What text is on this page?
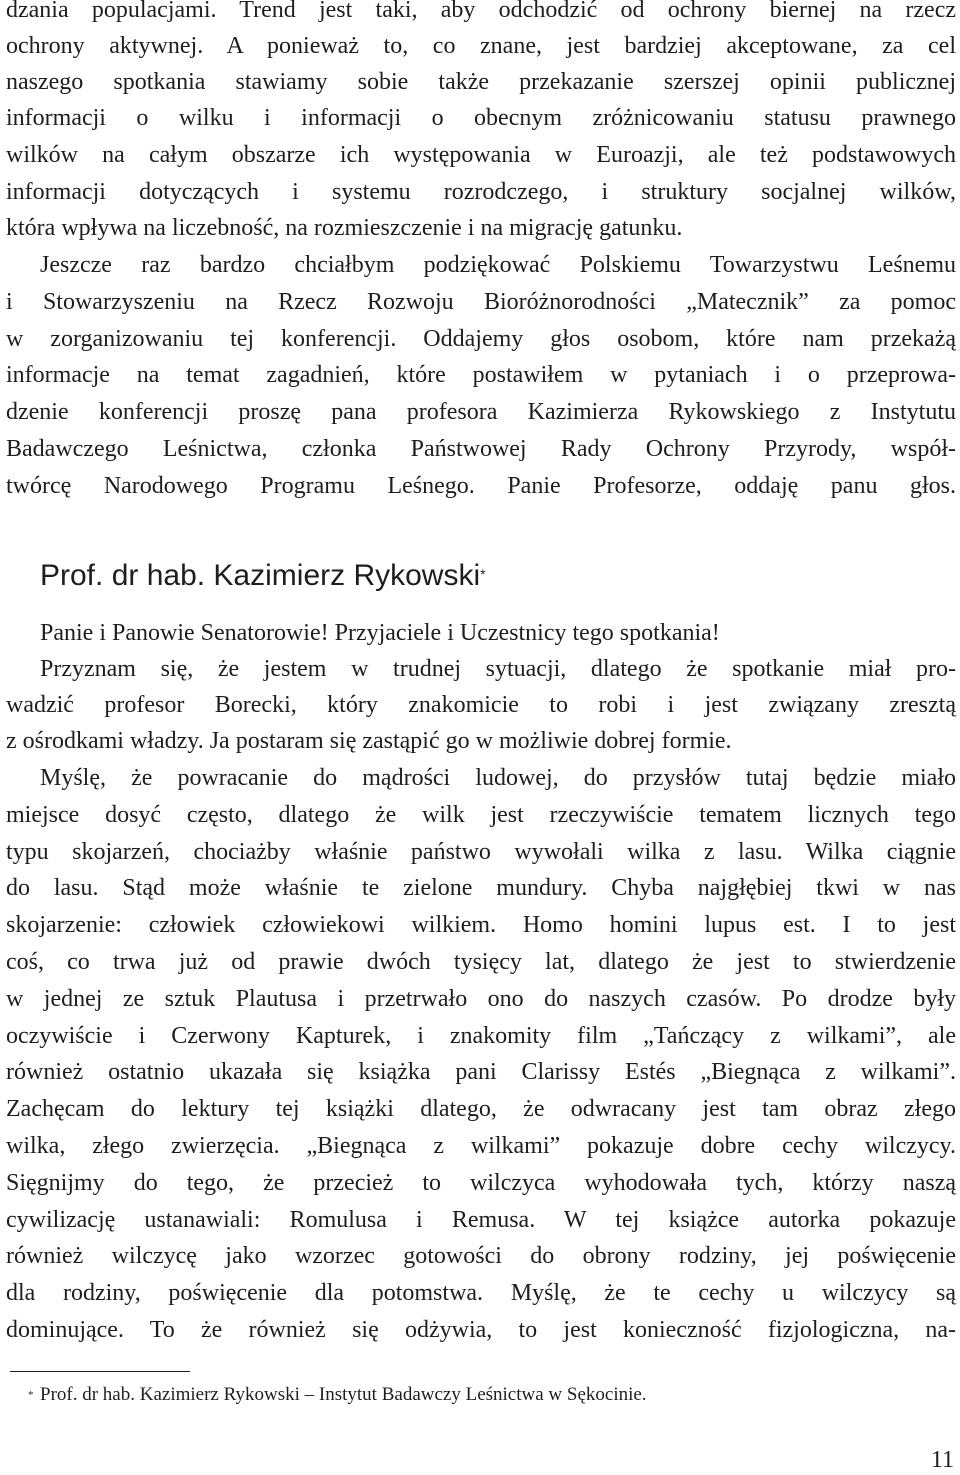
dzania populacjami. Trend jest taki, aby odchodzić od ochrony biernej na rzecz
ochrony aktywnej. A ponieważ to, co znane, jest bardziej akceptowane, za cel
naszego spotkania stawiamy sobie także przekazanie szerszej opinii publicznej
informacji o wilku i informacji o obecnym zróżnicowaniu statusu prawnego
wilków na całym obszarze ich występowania w Euroazji, ale też podstawowych
informacji dotyczących i systemu rozrodczego, i struktury socjalnej wilków,
która wpływa na liczebność, na rozmieszczenie i na migrację gatunku.
Jeszcze raz bardzo chciałbym podziękować Polskiemu Towarzystwu Leśnemu
i Stowarzyszeniu na Rzecz Rozwoju Bioróżnorodności „Matecznik” za pomoc
w zorganizowaniu tej konferencji. Oddajemy głos osobom, które nam przekażą
informacje na temat zagadnień, które postawiłem w pytaniach i o przeprowa-
dzenie konferencji proszę pana profesora Kazimierza Rykowskiego z Instytutu
Badawczego Leśnictwa, członka Państwowej Rady Ochrony Przyrody, współ-
twórcę Narodowego Programu Leśnego. Panie Profesorze, oddaję panu głos.
Prof. dr hab. Kazimierz Rykowski*
Panie i Panowie Senatorowie! Przyjaciele i Uczestnicy tego spotkania!
Przyznam się, że jestem w trudnej sytuacji, dlatego że spotkanie miał pro-
wadzić profesor Borecki, który znakomicie to robi i jest związany zresztą
z ośrodkami władzy. Ja postaram się zastąpić go w możliwie dobrej formie.
Myślę, że powracanie do mądrości ludowej, do przysłów tutaj będzie miało
miejsce dosyć często, dlatego że wilk jest rzeczywiście tematem licznych tego
typu skojarzeń, chociażby właśnie państwo wywołali wilka z lasu. Wilka ciągnie
do lasu. Stąd może właśnie te zielone mundury. Chyba najgłębiej tkwi w nas
skojarzenie: człowiek człowiekowi wilkiem. Homo homini lupus est. I to jest
coś, co trwa już od prawie dwóch tysięcy lat, dlatego że jest to stwierdzenie
w jednej ze sztuk Plautusa i przetrwało ono do naszych czasów. Po drodze były
oczywiście i Czerwony Kapturek, i znakomity film „Tańczący z wilkami”, ale
również ostatnio ukazała się książka pani Clarissy Estés „Biegnąca z wilkami”.
Zachęcam do lektury tej książki dlatego, że odwracany jest tam obraz złego
wilka, złego zwierzęcia. „Biegnąca z wilkami” pokazuje dobre cechy wilczycy.
Sięgnijmy do tego, że przecież to wilczyca wyhodowała tych, którzy naszą
cywilizację ustanawiali: Romulusa i Remusa. W tej książce autorka pokazuje
również wilczycę jako wzorzec gotowości do obrony rodziny, jej poświęcenie
dla rodziny, poświęcenie dla potomstwa. Myślę, że te cechy u wilczycy są
dominujące. To że również się odżywia, to jest konieczność fizjologiczna, na-
* Prof. dr hab. Kazimierz Rykowski – Instytut Badawczy Leśnictwa w Sękocinie.
11
